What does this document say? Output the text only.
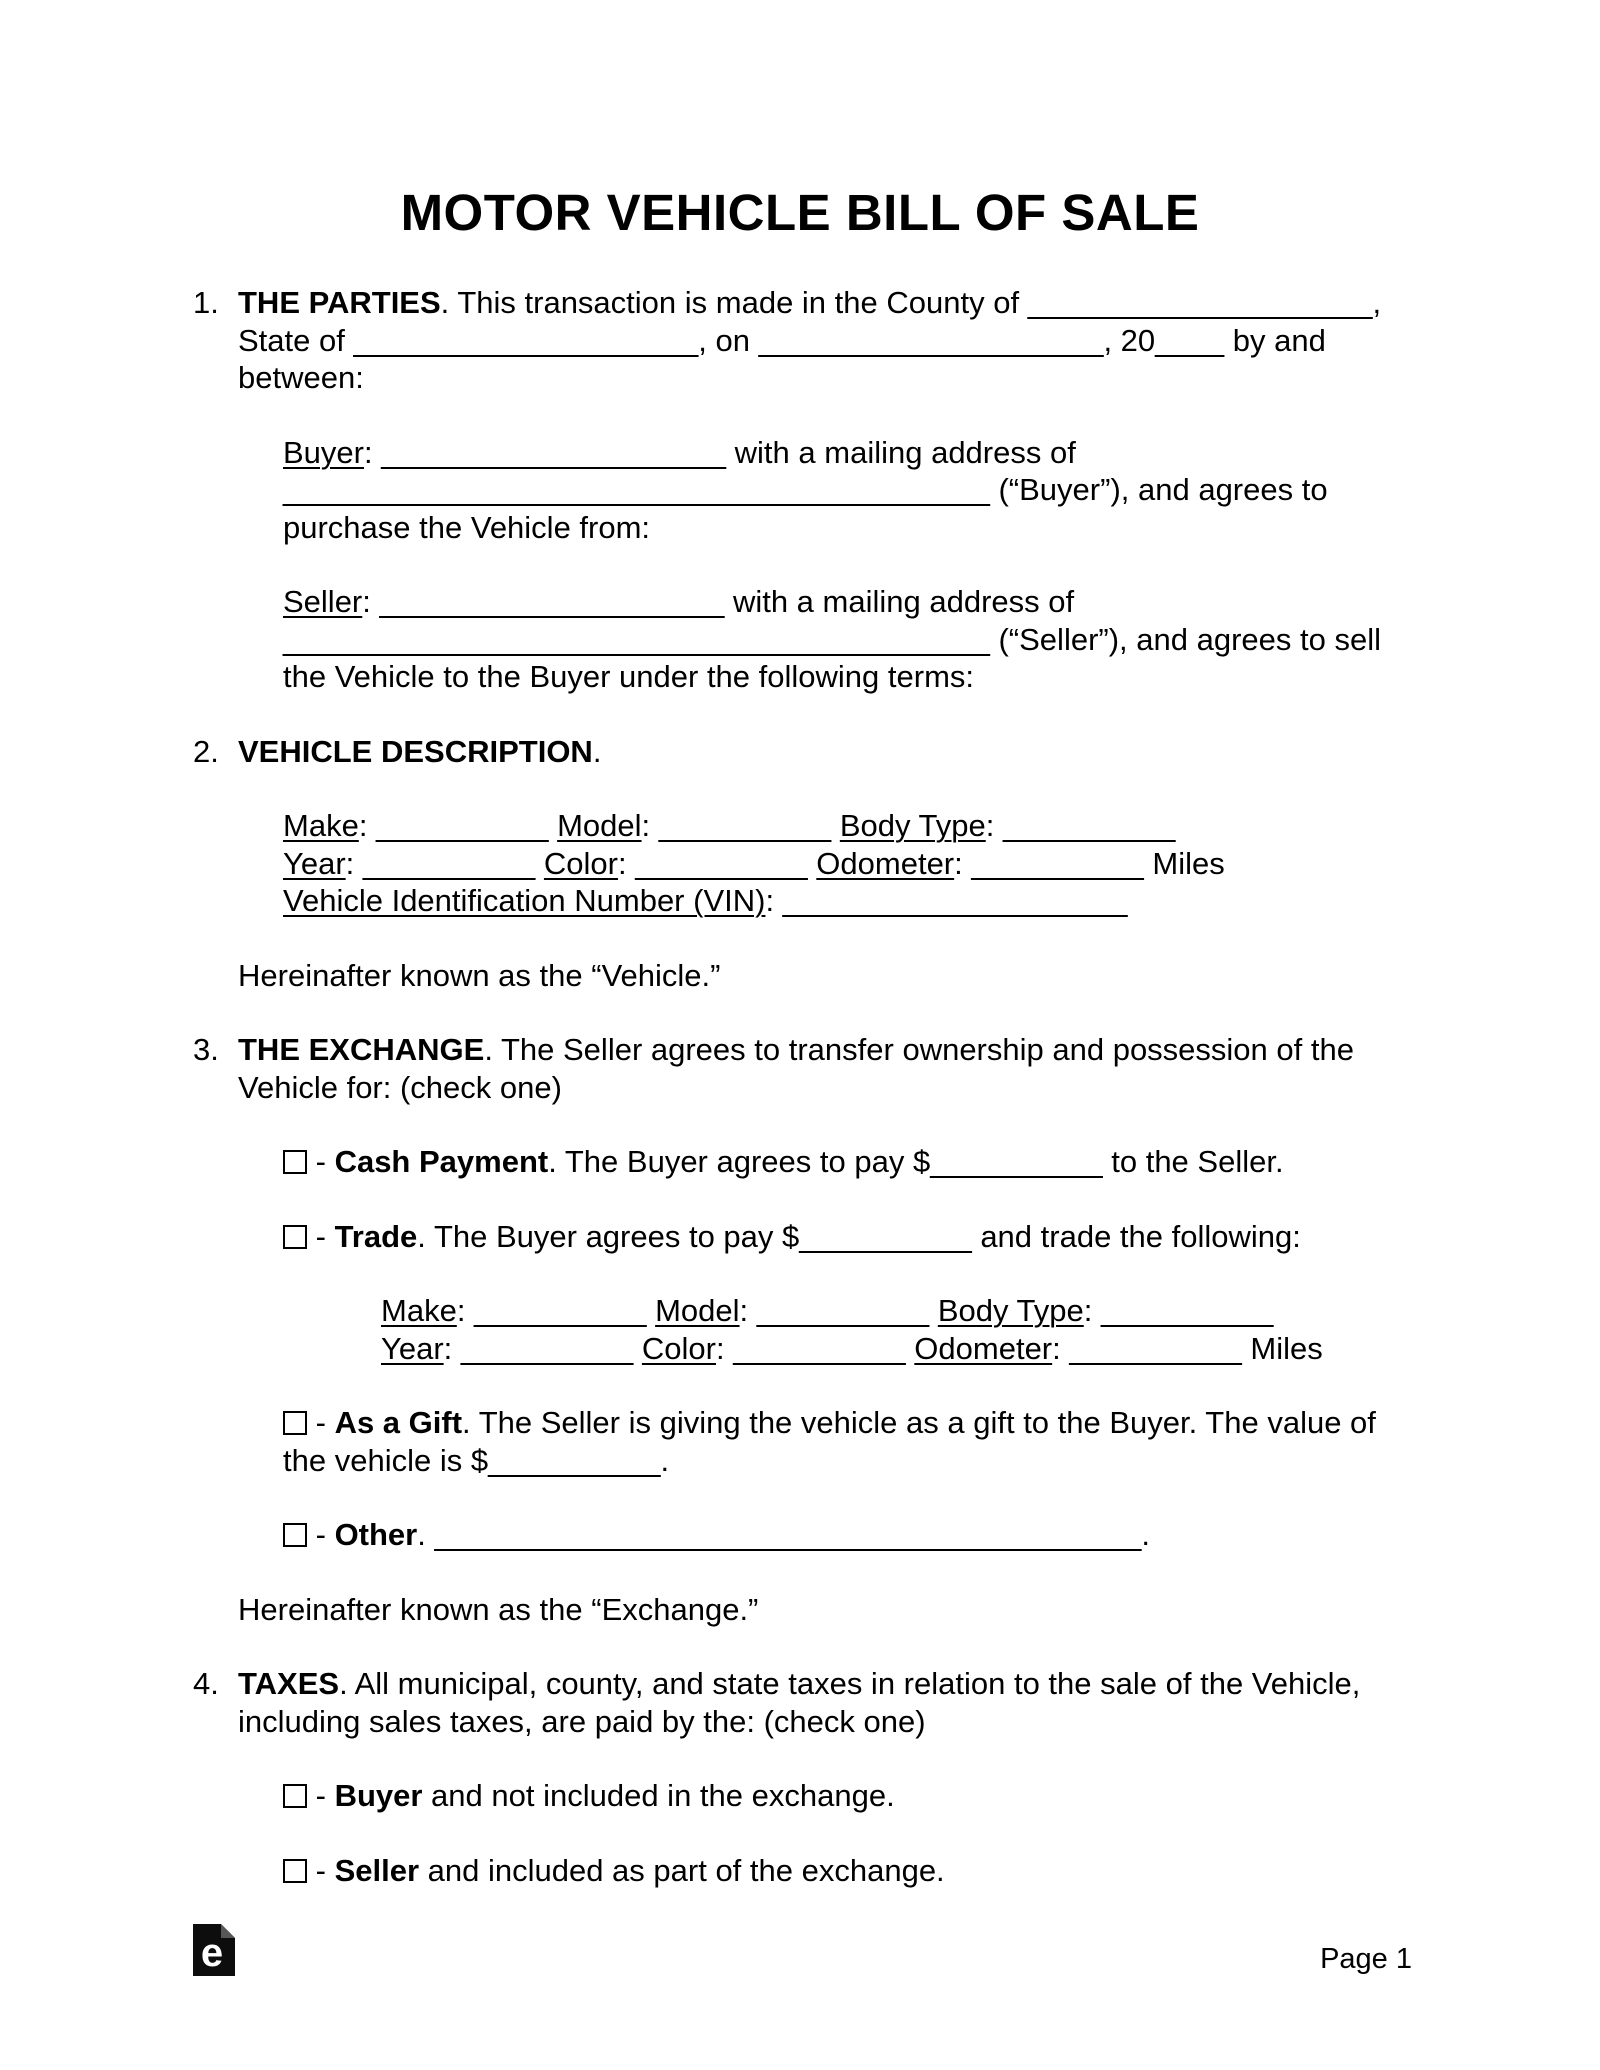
MOTOR VEHICLE BILL OF SALE
1. THE PARTIES. This transaction is made in the County of ____________________,
State of ____________________, on ____________________, 20____ by and
between:
Buyer: ____________________ with a mailing address of
_________________________________________ (“Buyer”), and agrees to
purchase the Vehicle from:
Seller: ____________________ with a mailing address of
_________________________________________ (“Seller”), and agrees to sell
the Vehicle to the Buyer under the following terms:
2. VEHICLE DESCRIPTION.
Make: __________ Model: __________ Body Type: __________
Year: __________ Color: __________ Odometer: __________ Miles
Vehicle Identification Number (VIN): ____________________
Hereinafter known as the “Vehicle.”
3. THE EXCHANGE. The Seller agrees to transfer ownership and possession of the
Vehicle for: (check one)
- Cash Payment. The Buyer agrees to pay $__________ to the Seller.
- Trade. The Buyer agrees to pay $__________ and trade the following:
Make: __________ Model: __________ Body Type: __________
Year: __________ Color: __________ Odometer: __________ Miles
- As a Gift. The Seller is giving the vehicle as a gift to the Buyer. The value of
the vehicle is $__________.
- Other. _________________________________________.
Hereinafter known as the “Exchange.”
4. TAXES. All municipal, county, and state taxes in relation to the sale of the Vehicle,
including sales taxes, are paid by the: (check one)
- Buyer and not included in the exchange.
- Seller and included as part of the exchange.
e	Page 1
